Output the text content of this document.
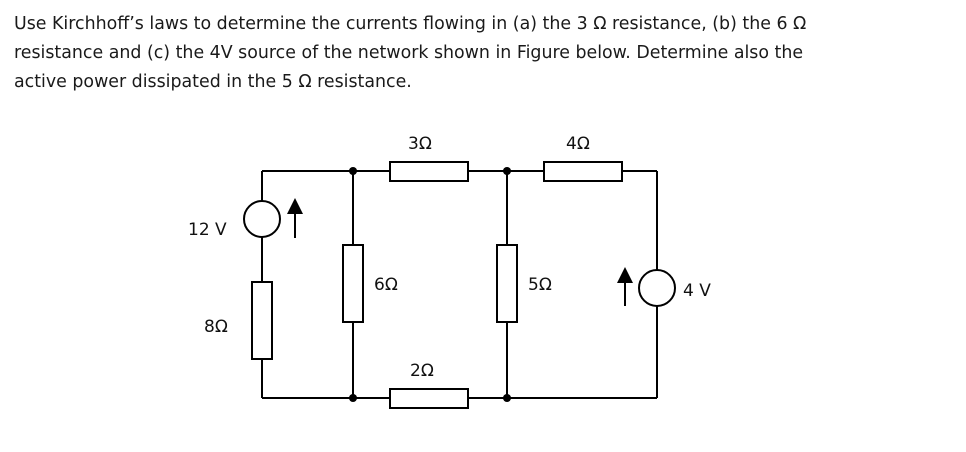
Use Kirchhoff’s laws to determine the currents flowing in (a) the 3 Ω resistance, (b) the 6 Ω
resistance and (c) the 4V source of the network shown in Figure below. Determine also the
active power dissipated in the 5 Ω resistance.
3Ω	4Ω
6Ω	5Ω
2Ω
8Ω
12 V
4 V
